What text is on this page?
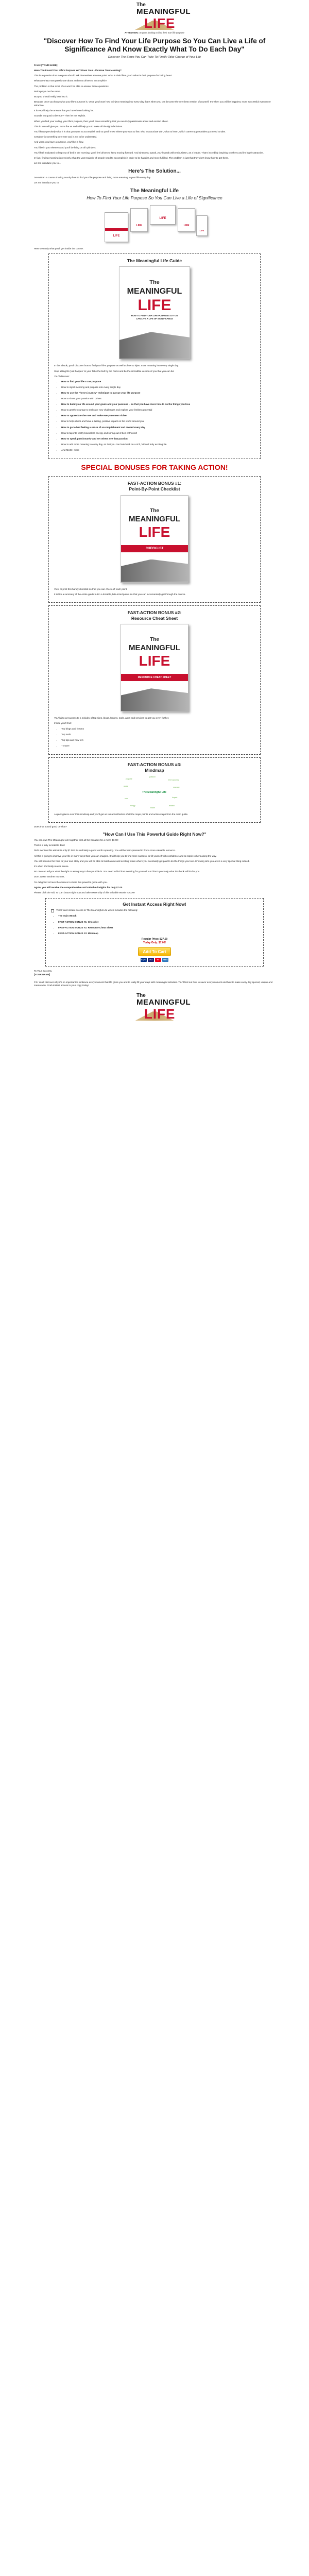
The
MEANINGFUL
LIFE
ATTENTION: Anyone looking to find their true life purpose
"Discover How To Find Your Life Purpose So You Can Live a Life of Significance And Know Exactly What To Do Each Day"
Discover The Steps You Can Take To Finally Take Charge of Your Life
From: [YOUR NAME]
Have You Found Your Life's Purpose Yet? Does Your Life Have True Meaning?
This is a question that everyone should ask themselves at some point: what is their life's goal? What is their purpose for being here?
What are they most passionate about and most driven to accomplish?
The problem is that most of us won't be able to answer these questions.
Perhaps you're the same.
But you should really look into it.
Because once you know what your life's purpose is. Once you know how to inject meaning into every day that's when you can become the very best version of yourself. It's when you will be happiest, more successful even more attractive.
It is very likely the answer that you have been looking for.
Sounds too good to be true? Then let me explain.
When you find your calling, your life's purpose, then you'll have something that you are truly passionate about and excited about.
This in turn will give you more fire as and will help you to make all the right decisions.
You'll know precisely what it is that you want to accomplish and so you'll know where you want to live, who to associate with, what to learn, which career opportunities you need to take.
Certainty is something very rare and is not to be underrated.
And when you have a purpose, you'll be in flow.
You'll be in your element and you'll be firing on all cylinders.
You'll feel motivated to leap out of bed in the morning, you'll feel driven to keep moving forward. And when you speak, you'll speak with enthusiasm, as a leader. That's incredibly inspiring to others and it's highly attractive.
In fact, finding meaning is precisely what the vast majority of people need to accomplish in order to be happier and more fulfilled. The problem is just that they don't know how to get there.
Let me introduce you to...
Here's The Solution...
I've written a course sharing exactly how to find your life purpose and bring more meaning to your life every day.
Let me introduce you to:
The Meaningful Life
How To Find Your Life Purpose So You Can Live a Life of Significance
LIFE
LIFE
LIFE
LIFE
LIFE
Here's exactly what you'll get inside the course:
The Meaningful Life Guide
The
MEANINGFUL
LIFE
HOW TO FIND YOUR LIFE PURPOSE SO YOU CAN LIVE A LIFE OF SIGNIFICANCE
In this ebook, you'll discover how to find your life's purpose as well as how to inject more meaning into every single day.
Stop letting life 'just happen' to you! Take the bull by the horns and be the incredible version of you that you can be!
You'll discover:
• How to find your life's true purpose
• How to inject meaning and purpose into every single day
• How to use the "hero's journey" technique to pursue your life purpose
• How to share your passion with others
• How to build your life around your goals and your passions – so that you have more time to do the things you love
• How to get the courage to embrace new challenges and explore your limitless potential
• How to appreciate the now and make every moment richer
• How to help others and have a lasting, positive impact on the world around you
• How to go to bed feeling a sense of accomplishment and reward every day
• How to tap into vastly boundless energy and spring out of bed enthused!
• How to speak passionately and set others see that passion
• How to add more meaning to every day, so that you can look back on a rich, full and truly exciting life
• And MUCH more
SPECIAL BONUSES FOR TAKING ACTION!
FAST-ACTION BONUS #1:
Point-By-Point Checklist
The
MEANINGFUL
LIFE
CHECKLIST
View or print this handy checklist so that you can check off each point.
It is like a summery of the entire guide but in a tickable, bite-sized points so that you can incrementally get through the course.
FAST-ACTION BONUS #2:
Resource Cheat Sheet
The
MEANINGFUL
LIFE
RESOURCE CHEAT SHEET
You'll also get access to a minidex of top sites, blogs, forums, tools, apps and services to get you even further.
Inside you'll find:
• Top blogs and forums
• Top tools
• Top tips and how to's
• + more!
FAST-ACTION BONUS #3:
Mindmap
The Meaningful Life
purpose
passion
hero's journey
goals	courage
now	impact
energy
share
reward
A quick glance over this mindmap and you'll get an instant refresher of all the major points and action steps from the main guide.
Does that sound good or what?
"How Can I Use This Powerful Guide Right Now?"
You can own The Meaningful Life together with all the bonuses for a mere $7.00!
That is a truly incredible deal!
Did I mention this eBook is only $7.00? It's definitely a good worth repeating. You will be hard-pressed to find a more valuable resource.
All this is going to improve your life in more ways than you can imagine. It will help you to find more success, to fill yourself with confidence and to inspire others along the way.
You will become the hero to your own story and you will be able to build a new and exciting future where you eventually get paid to do the things you love. Knowing who you are is a very special thing indeed.
It's when life finally makes sense.
No one can tell you what the right or wrong way to live your life is. You need to find that meaning for yourself. And that's precisely what this book will do for you.
Don't waste another moment.
I'm delighted to have the chance to share this powerful guide with you.
Again, you will receive the comprehensive and valuable insights for only $7.00
Please click the Add To Cart button right now and take ownership of this valuable eBook TODAY!
Get Instant Access Right Now!
Yes! I want instant access to The Meaningful Life which includes the following:
• The main eBook
• FAST-ACTION BONUS #1: Checklist
• FAST-ACTION BONUS #2: Resource Cheat Sheet
• FAST-ACTION BONUS #3: Mindmap
Regular Price: $27.00
Today Only: $7.00!
Add To Cart
PayPal	VISA	MC	AMEX
To Your Success,
[YOUR NAME]
P.S. You'll discover why it's so important to embrace every moment that life gives you and to really fill your days with meaningful activities. You'll find out how to savor every moment and how to make every day special, unique and memorable. Grab instant access to your copy today!
The
MEANINGFUL
LIFE
